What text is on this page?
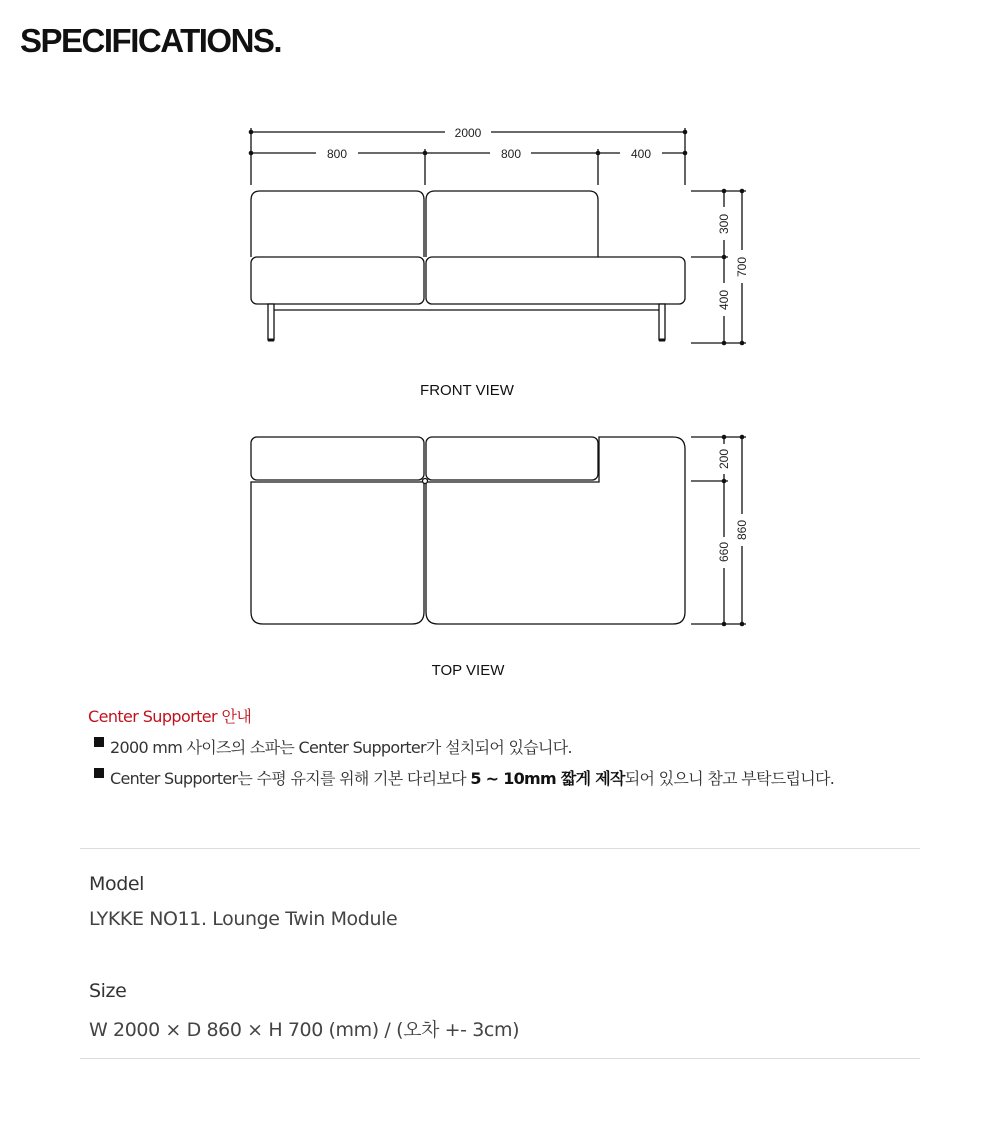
SPECIFICATIONS.
2000
800	800	400
300
400
700
FRONT VIEW
200
660
860
TOP VIEW
Center Supporter 안내
2000 mm 사이즈의 소파는 Center Supporter가 설치되어 있습니다.
Center Supporter는 수평 유지를 위해 기본 다리보다 5 ~ 10mm 짧게 제작되어 있으니 참고 부탁드립니다.
Model
LYKKE NO11. Lounge Twin Module
Size
W 2000 × D 860 × H 700 (mm) / (오차 +- 3cm)
